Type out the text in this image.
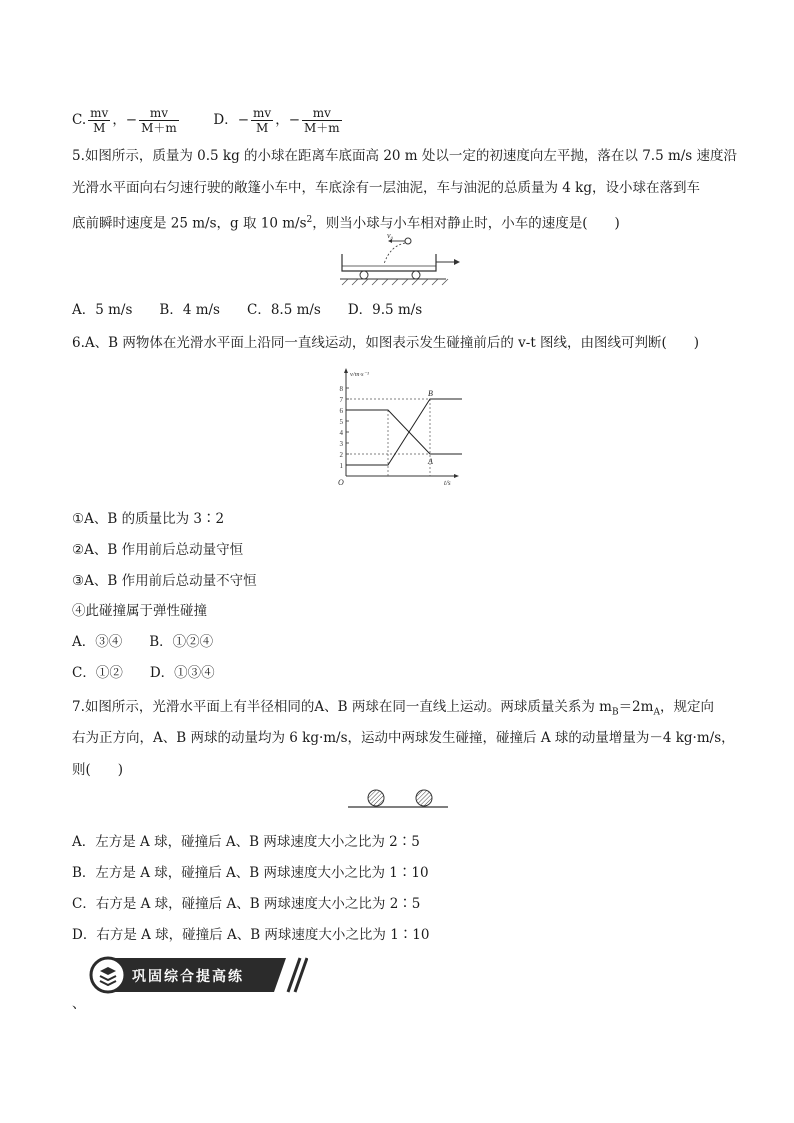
C. $\frac{mv}{M}$ ，− $\frac{mv}{M+m}$	D．− $\frac{mv}{M}$ ，− $\frac{mv}{M+m}$
5.如图所示，质量为 0.5 kg 的小球在距离车底面高 20 m 处以一定的初速度向左平抛，落在以 7.5 m/s 速度沿
光滑水平面向右匀速行驶的敞篷小车中，车底涂有一层油泥，车与油泥的总质量为 4 kg，设小球在落到车
底前瞬时速度是 25 m/s，g 取 10 $m/s^2$，则当小球与小车相对静止时，小车的速度是(　　)
v₀
A．5 m/s　　B．4 m/s　　C．8.5 m/s　　D．9.5 m/s
6.A、B 两物体在光滑水平面上沿同一直线运动，如图表示发生碰撞前后的 v-t 图线，由图线可判断(　　)
1
2
3
4
5
6
7
8
A
B
v/m·s⁻¹
t/s
O
①A、B 的质量比为 3∶2
②A、B 作用前后总动量守恒
③A、B 作用前后总动量不守恒
④此碰撞属于弹性碰撞
A．③④　　B．①②④
C．①②　　D．①③④
7.如图所示，光滑水平面上有半径相同的A、B 两球在同一直线上运动。两球质量关系为 $m_B=2m_A$，规定向
右为正方向，A、B 两球的动量均为 6 kg·m/s，运动中两球发生碰撞，碰撞后 A 球的动量增量为－4 kg·m/s，
则(　　)
A．左方是 A 球，碰撞后 A、B 两球速度大小之比为 2∶5
B．左方是 A 球，碰撞后 A、B 两球速度大小之比为 1∶10
C．右方是 A 球，碰撞后 A、B 两球速度大小之比为 2∶5
D．右方是 A 球，碰撞后 A、B 两球速度大小之比为 1∶10
巩固综合提高练
、
